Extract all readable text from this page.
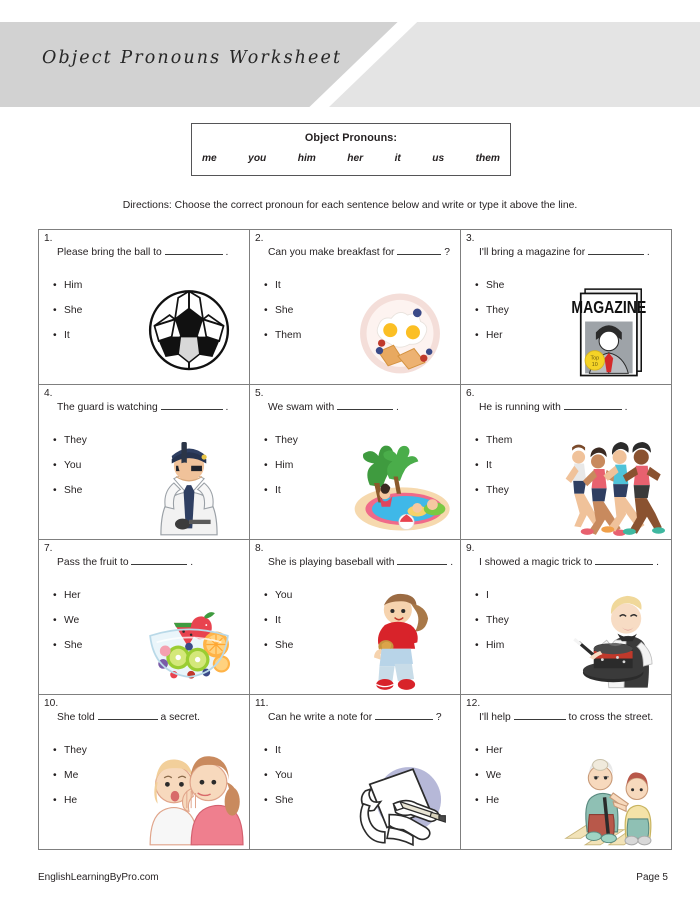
Object Pronouns Worksheet
Object Pronouns:
me	you	him	her	it	us	them
Directions: Choose the correct pronoun for each sentence below and write or type it above the line.
1.
Please bring the ball to	.
• Him
• She
• It

2.
Can you make breakfast for	?
• It
• She
• Them

3.
I'll bring a magazine for	.
• She
• They
• Her
MAGAZINE
Top
10

4.
The guard is watching	.
• They
• You
• She

5.
We swam with	.
• They
• Him
• It

6.
He is running with	.
• Them
• It
• They

7.
Pass the fruit to	.
• Her
• We
• She

8.
She is playing baseball with	.
• You
• It
• She

9.
I showed a magic trick to	.
• I
• They
• Him

10.
She told	a secret.
• They
• Me
• He

11.
Can he write a note for	?
• It
• You
• She

12.
I'll help	to cross the street.
• Her
• We
• He
EnglishLearningByPro.com	Page 5
